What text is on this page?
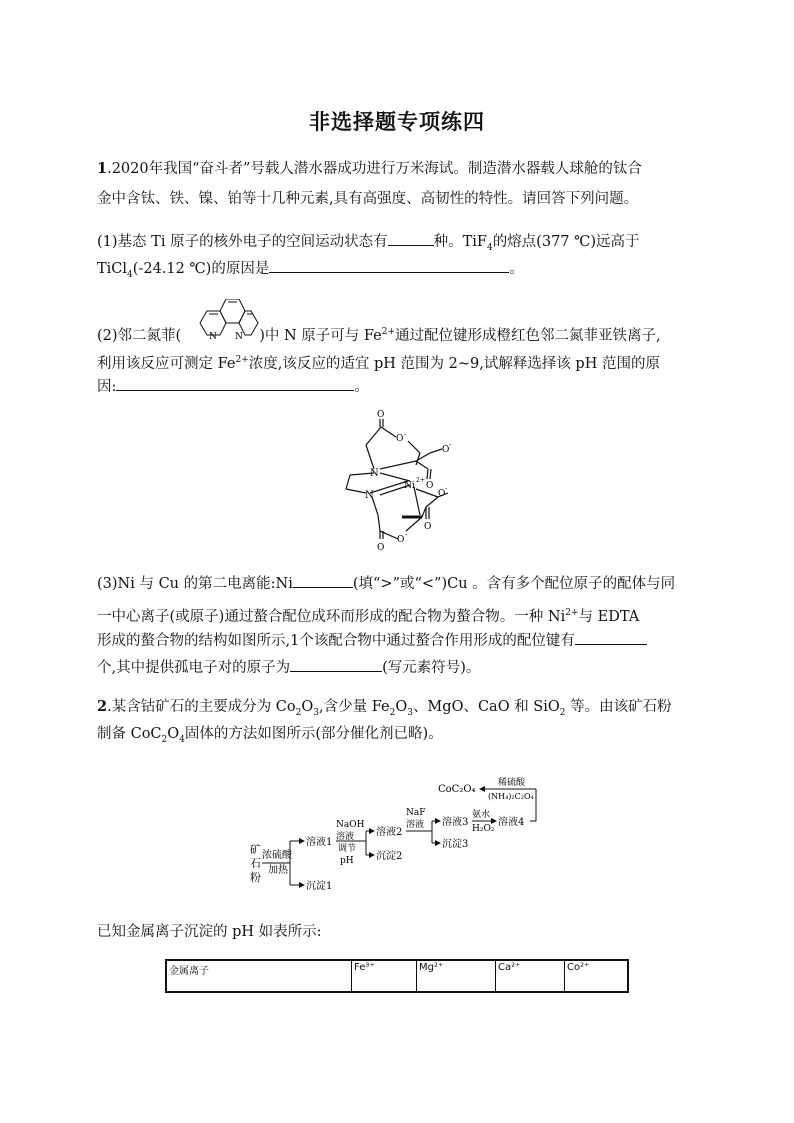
非选择题专项练四
1.2020年我国“奋斗者”号载人潜水器成功进行万米海试。制造潜水器载人球舱的钛合
金中含钛、铁、镍、铂等十几种元素,具有高强度、高韧性的特性。请回答下列问题。
(1)基态 Ti 原子的核外电子的空间运动状态有	种。TiF$_4$的熔点(377 ℃)远高于
TiCl$_4$(-24.12 ℃)的原因是	。
(2)邻二氮菲(	)中 N 原子可与 $Fe^{2+}$通过配位键形成橙红色邻二氮菲亚铁离子,
N N
利用该反应可测定 $Fe^{2+}$浓度,该反应的适宜 pH 范围为 2~9,试解释选择该 pH 范围的原
因:	。
O
O -
O -
O
N
Ni
2+
N	O -
O
O -
O
(3)Ni 与 Cu 的第二电离能:Ni	(填“>”或“<”)Cu 。含有多个配位原子的配体与同
一中心离子(或原子)通过螯合配位成环而形成的配合物为螯合物。一种 $Ni^{2+}$与 EDTA
形成的螯合物的结构如图所示,1个该配合物中通过螯合作用形成的配位键有
个,其中提供孤电子对的原子为	(写元素符号)。
2.某含钴矿石的主要成分为 $Co_2O_3$,含少量 $Fe_2O_3$、MgO、CaO 和 SiO$_2$ 等。由该矿石粉
制备 $CoC_2O_4$固体的方法如图所示(部分催化剂已略)。
矿
石
粉
浓硫酸
加热
溶液1
沉淀1
NaOH
溶液
调节
pH
溶液2
沉淀2
NaF
溶液 溶液3
沉淀3
氨水
H₂O₂
溶液4
CoC₂O₄
稀硫酸
(NH₄)₂C₂O₄
已知金属离子沉淀的 pH 如表所示:
金属离子	Fe³⁺	Mg²⁺	Ca²⁺	Co²⁺
